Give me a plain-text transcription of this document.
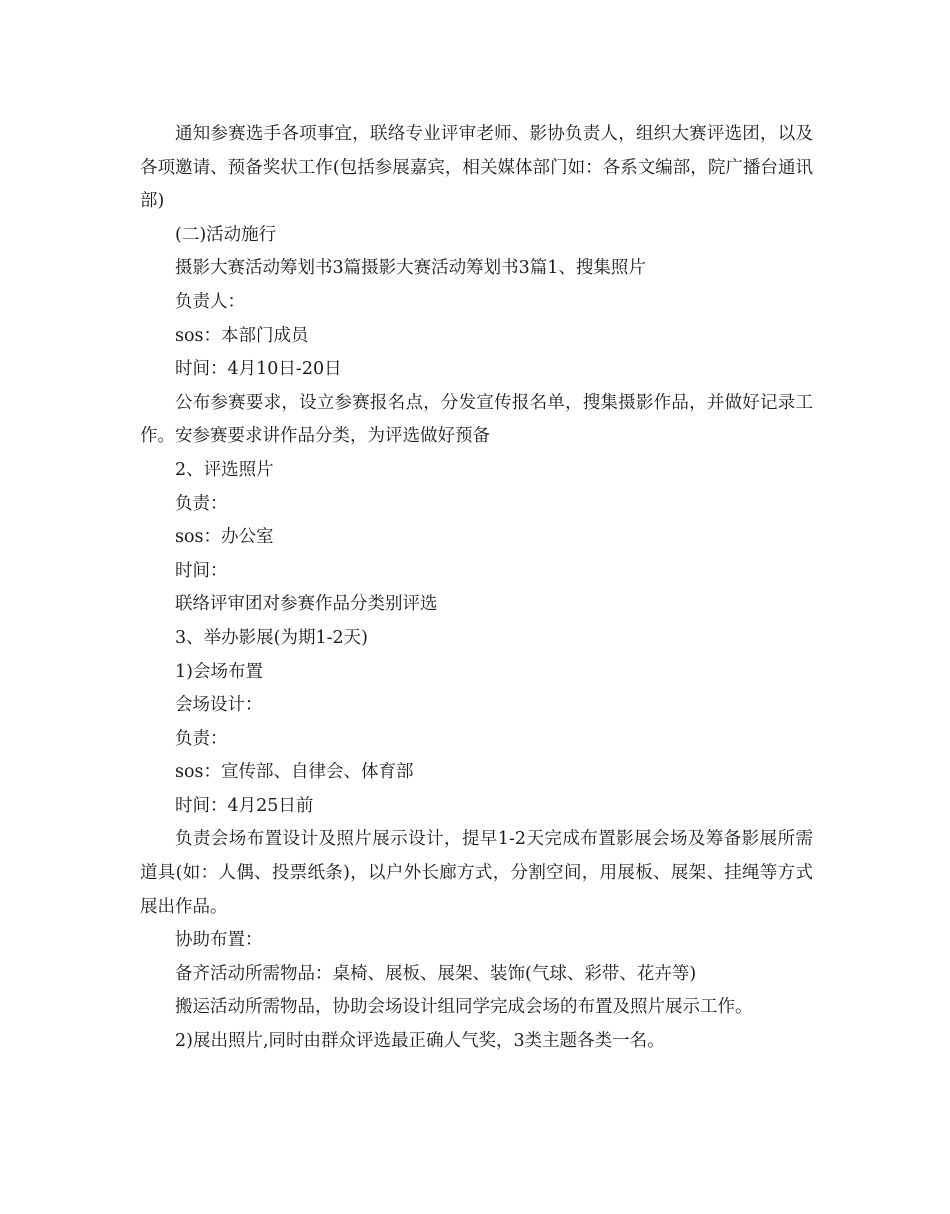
通知参赛选手各项事宜，联络专业评审老师、影协负责人，组织大赛评选团，以及各项邀请、预备奖状工作(包括参展嘉宾，相关媒体部门如：各系文编部，院广播台通讯部)

(二)活动施行

摄影大赛活动筹划书3篇摄影大赛活动筹划书3篇1、搜集照片

负责人：

sos：本部门成员

时间：4月10日-20日

公布参赛要求，设立参赛报名点，分发宣传报名单，搜集摄影作品，并做好记录工作。安参赛要求讲作品分类，为评选做好预备

2、评选照片

负责：

sos：办公室

时间：

联络评审团对参赛作品分类别评选

3、举办影展(为期1-2天)

1)会场布置

会场设计：

负责：

sos：宣传部、自律会、体育部

时间：4月25日前

负责会场布置设计及照片展示设计，提早1-2天完成布置影展会场及筹备影展所需道具(如：人偶、投票纸条)，以户外长廊方式，分割空间，用展板、展架、挂绳等方式展出作品。

协助布置：

备齐活动所需物品：桌椅、展板、展架、装饰(气球、彩带、花卉等)

搬运活动所需物品，协助会场设计组同学完成会场的布置及照片展示工作。

2)展出照片,同时由群众评选最正确人气奖，3类主题各类一名。
